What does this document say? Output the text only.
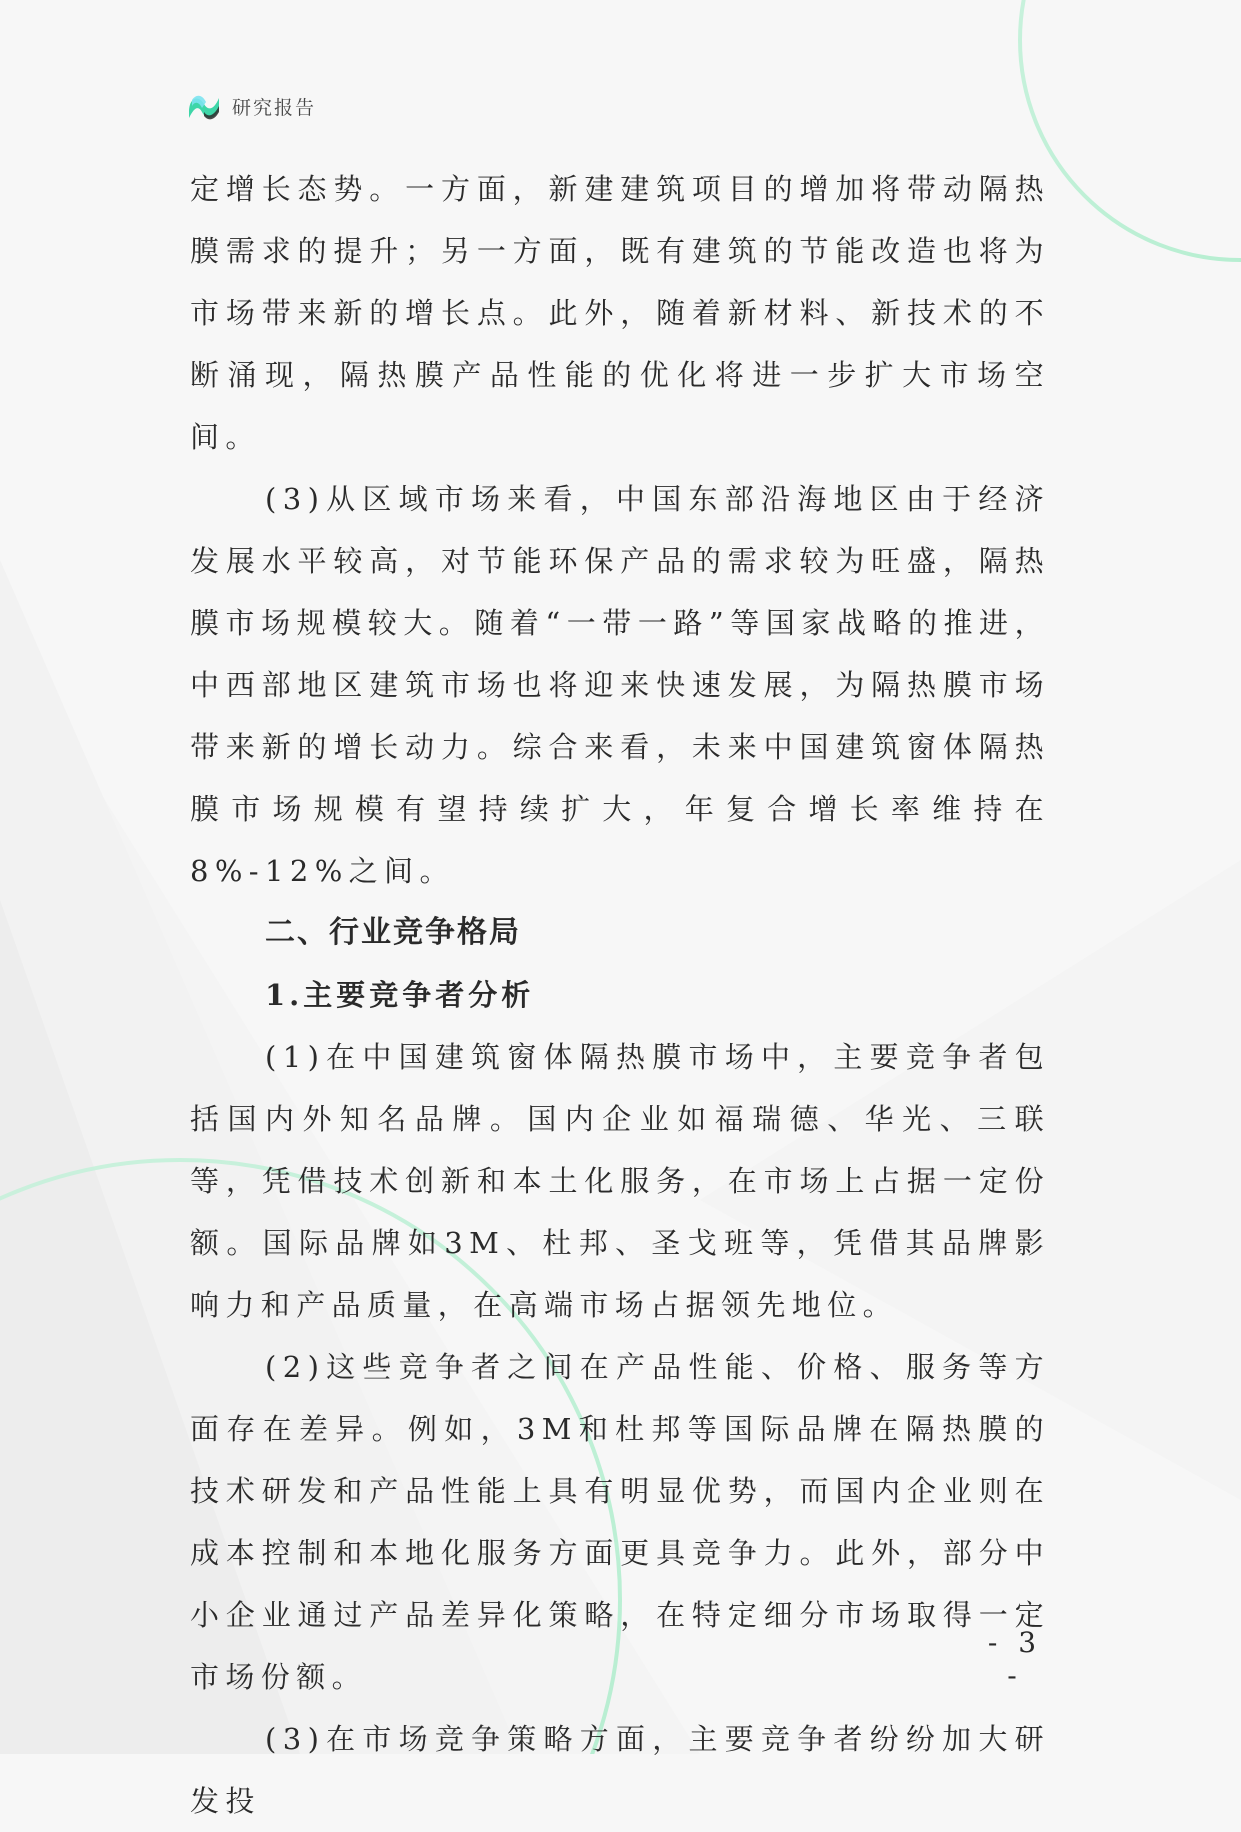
研究报告

定增长态势。一方面，新建建筑项目的增加将带动隔热膜需求的提升；另一方面，既有建筑的节能改造也将为市场带来新的增长点。此外，随着新材料、新技术的不断涌现，隔热膜产品性能的优化将进一步扩大市场空间。

(3)从区域市场来看，中国东部沿海地区由于经济发展水平较高，对节能环保产品的需求较为旺盛，隔热膜市场规模较大。随着“一带一路”等国家战略的推进，中西部地区建筑市场也将迎来快速发展，为隔热膜市场带来新的增长动力。综合来看，未来中国建筑窗体隔热膜市场规模有望持续扩大，年复合增长率维持在8%-12%之间。

二、行业竞争格局
1.主要竞争者分析

(1)在中国建筑窗体隔热膜市场中，主要竞争者包括国内外知名品牌。国内企业如福瑞德、华光、三联等，凭借技术创新和本土化服务，在市场上占据一定份额。国际品牌如3M、杜邦、圣戈班等，凭借其品牌影响力和产品质量，在高端市场占据领先地位。

(2)这些竞争者之间在产品性能、价格、服务等方面存在差异。例如，3M和杜邦等国际品牌在隔热膜的技术研发和产品性能上具有明显优势，而国内企业则在成本控制和本地化服务方面更具竞争力。此外，部分中小企业通过产品差异化策略，在特定细分市场取得一定市场份额。

(3)在市场竞争策略方面，主要竞争者纷纷加大研发投

- 3 -
